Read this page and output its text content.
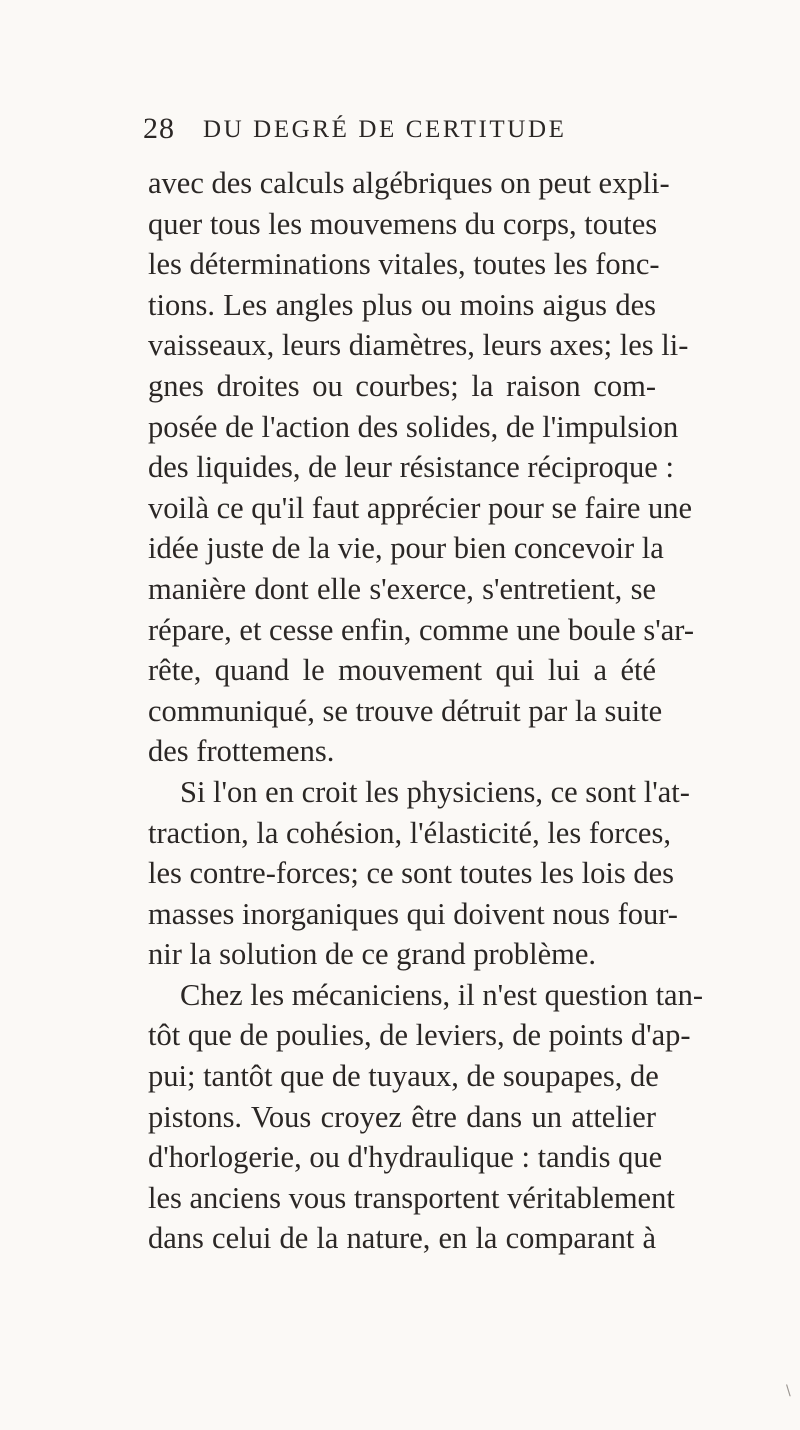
28 DU DEGRÉ DE CERTITUDE
avec des calculs algébriques on peut expli-
quer tous les mouvemens du corps, toutes
les déterminations vitales, toutes les fonc-
tions. Les angles plus ou moins aigus des
vaisseaux, leurs diamètres, leurs axes; les li-
gnes droites ou courbes; la raison com-
posée de l'action des solides, de l'impulsion
des liquides, de leur résistance réciproque :
voilà ce qu'il faut apprécier pour se faire une
idée juste de la vie, pour bien concevoir la
manière dont elle s'exerce, s'entretient, se
répare, et cesse enfin, comme une boule s'ar-
rête, quand le mouvement qui lui a été
communiqué, se trouve détruit par la suite
des frottemens.
Si l'on en croit les physiciens, ce sont l'at-
traction, la cohésion, l'élasticité, les forces,
les contre-forces; ce sont toutes les lois des
masses inorganiques qui doivent nous four-
nir la solution de ce grand problème.
Chez les mécaniciens, il n'est question tan-
tôt que de poulies, de leviers, de points d'ap-
pui; tantôt que de tuyaux, de soupapes, de
pistons. Vous croyez être dans un attelier
d'horlogerie, ou d'hydraulique : tandis que
les anciens vous transportent véritablement
dans celui de la nature, en la comparant à
\
